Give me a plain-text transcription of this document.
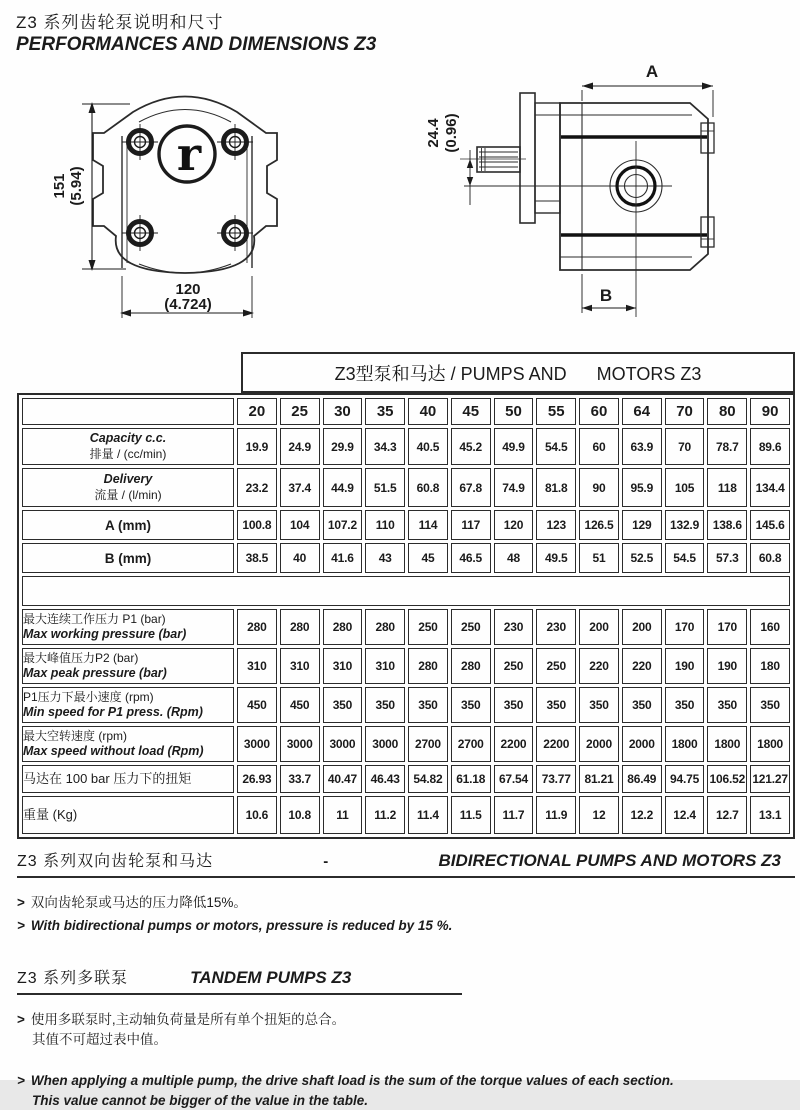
Z3 系列齿轮泵说明和尺寸
PERFORMANCES AND DIMENSIONS Z3
r
151 (5.94)
120
(4.724)
A
B
24.4 (0.96)
Z3型泵和马达 / PUMPS AND      MOTORS Z3
	20	25	30	35	40	45	50	55	60	64	70	80	90

Capacity c.c.
排量 / (cc/min)	19.9	24.9	29.9	34.3	40.5	45.2	49.9	54.5	60	63.9	70	78.7	89.6

Delivery
流量 / (l/min)	23.2	37.4	44.9	51.5	60.8	67.8	74.9	81.8	90	95.9	105	118	134.4

A (mm)	100.8	104	107.2	110	114	117	120	123	126.5	129	132.9	138.6	145.6

B (mm)	38.5	40	41.6	43	45	46.5	48	49.5	51	52.5	54.5	57.3	60.8

最大连续工作压力 P1 (bar)
Max working pressure (bar)	280	280	280	280	250	250	230	230	200	200	170	170	160

最大峰值压力P2 (bar)
Max peak pressure (bar)	310	310	310	310	280	280	250	250	220	220	190	190	180

P1压力下最小速度 (rpm)
Min speed for P1 press. (Rpm)	450	450	350	350	350	350	350	350	350	350	350	350	350

最大空转速度 (rpm)
Max speed without load (Rpm)	3000	3000	3000	3000	2700	2700	2200	2200	2000	2000	1800	1800	1800

马达在 100 bar 压力下的扭矩	26.93	33.7	40.47	46.43	54.82	61.18	67.54	73.77	81.21	86.49	94.75	106.52	121.27

重量 (Kg)	10.6	10.8	11	11.2	11.4	11.5	11.7	11.9	12	12.2	12.4	12.7	13.1
Z3 系列双向齿轮泵和马达	-	BIDIRECTIONAL PUMPS AND MOTORS Z3
> 双向齿轮泵或马达的压力降低15%。
> With bidirectional pumps or motors, pressure is reduced by 15 %.
Z3 系列多联泵	TANDEM PUMPS Z3
> 使用多联泵时,主动轴负荷量是所有单个扭矩的总合。
其值不可超过表中值。
> When applying a multiple pump, the drive shaft load is the sum of the torque values of each section.
This value cannot be bigger of the value in the table.
